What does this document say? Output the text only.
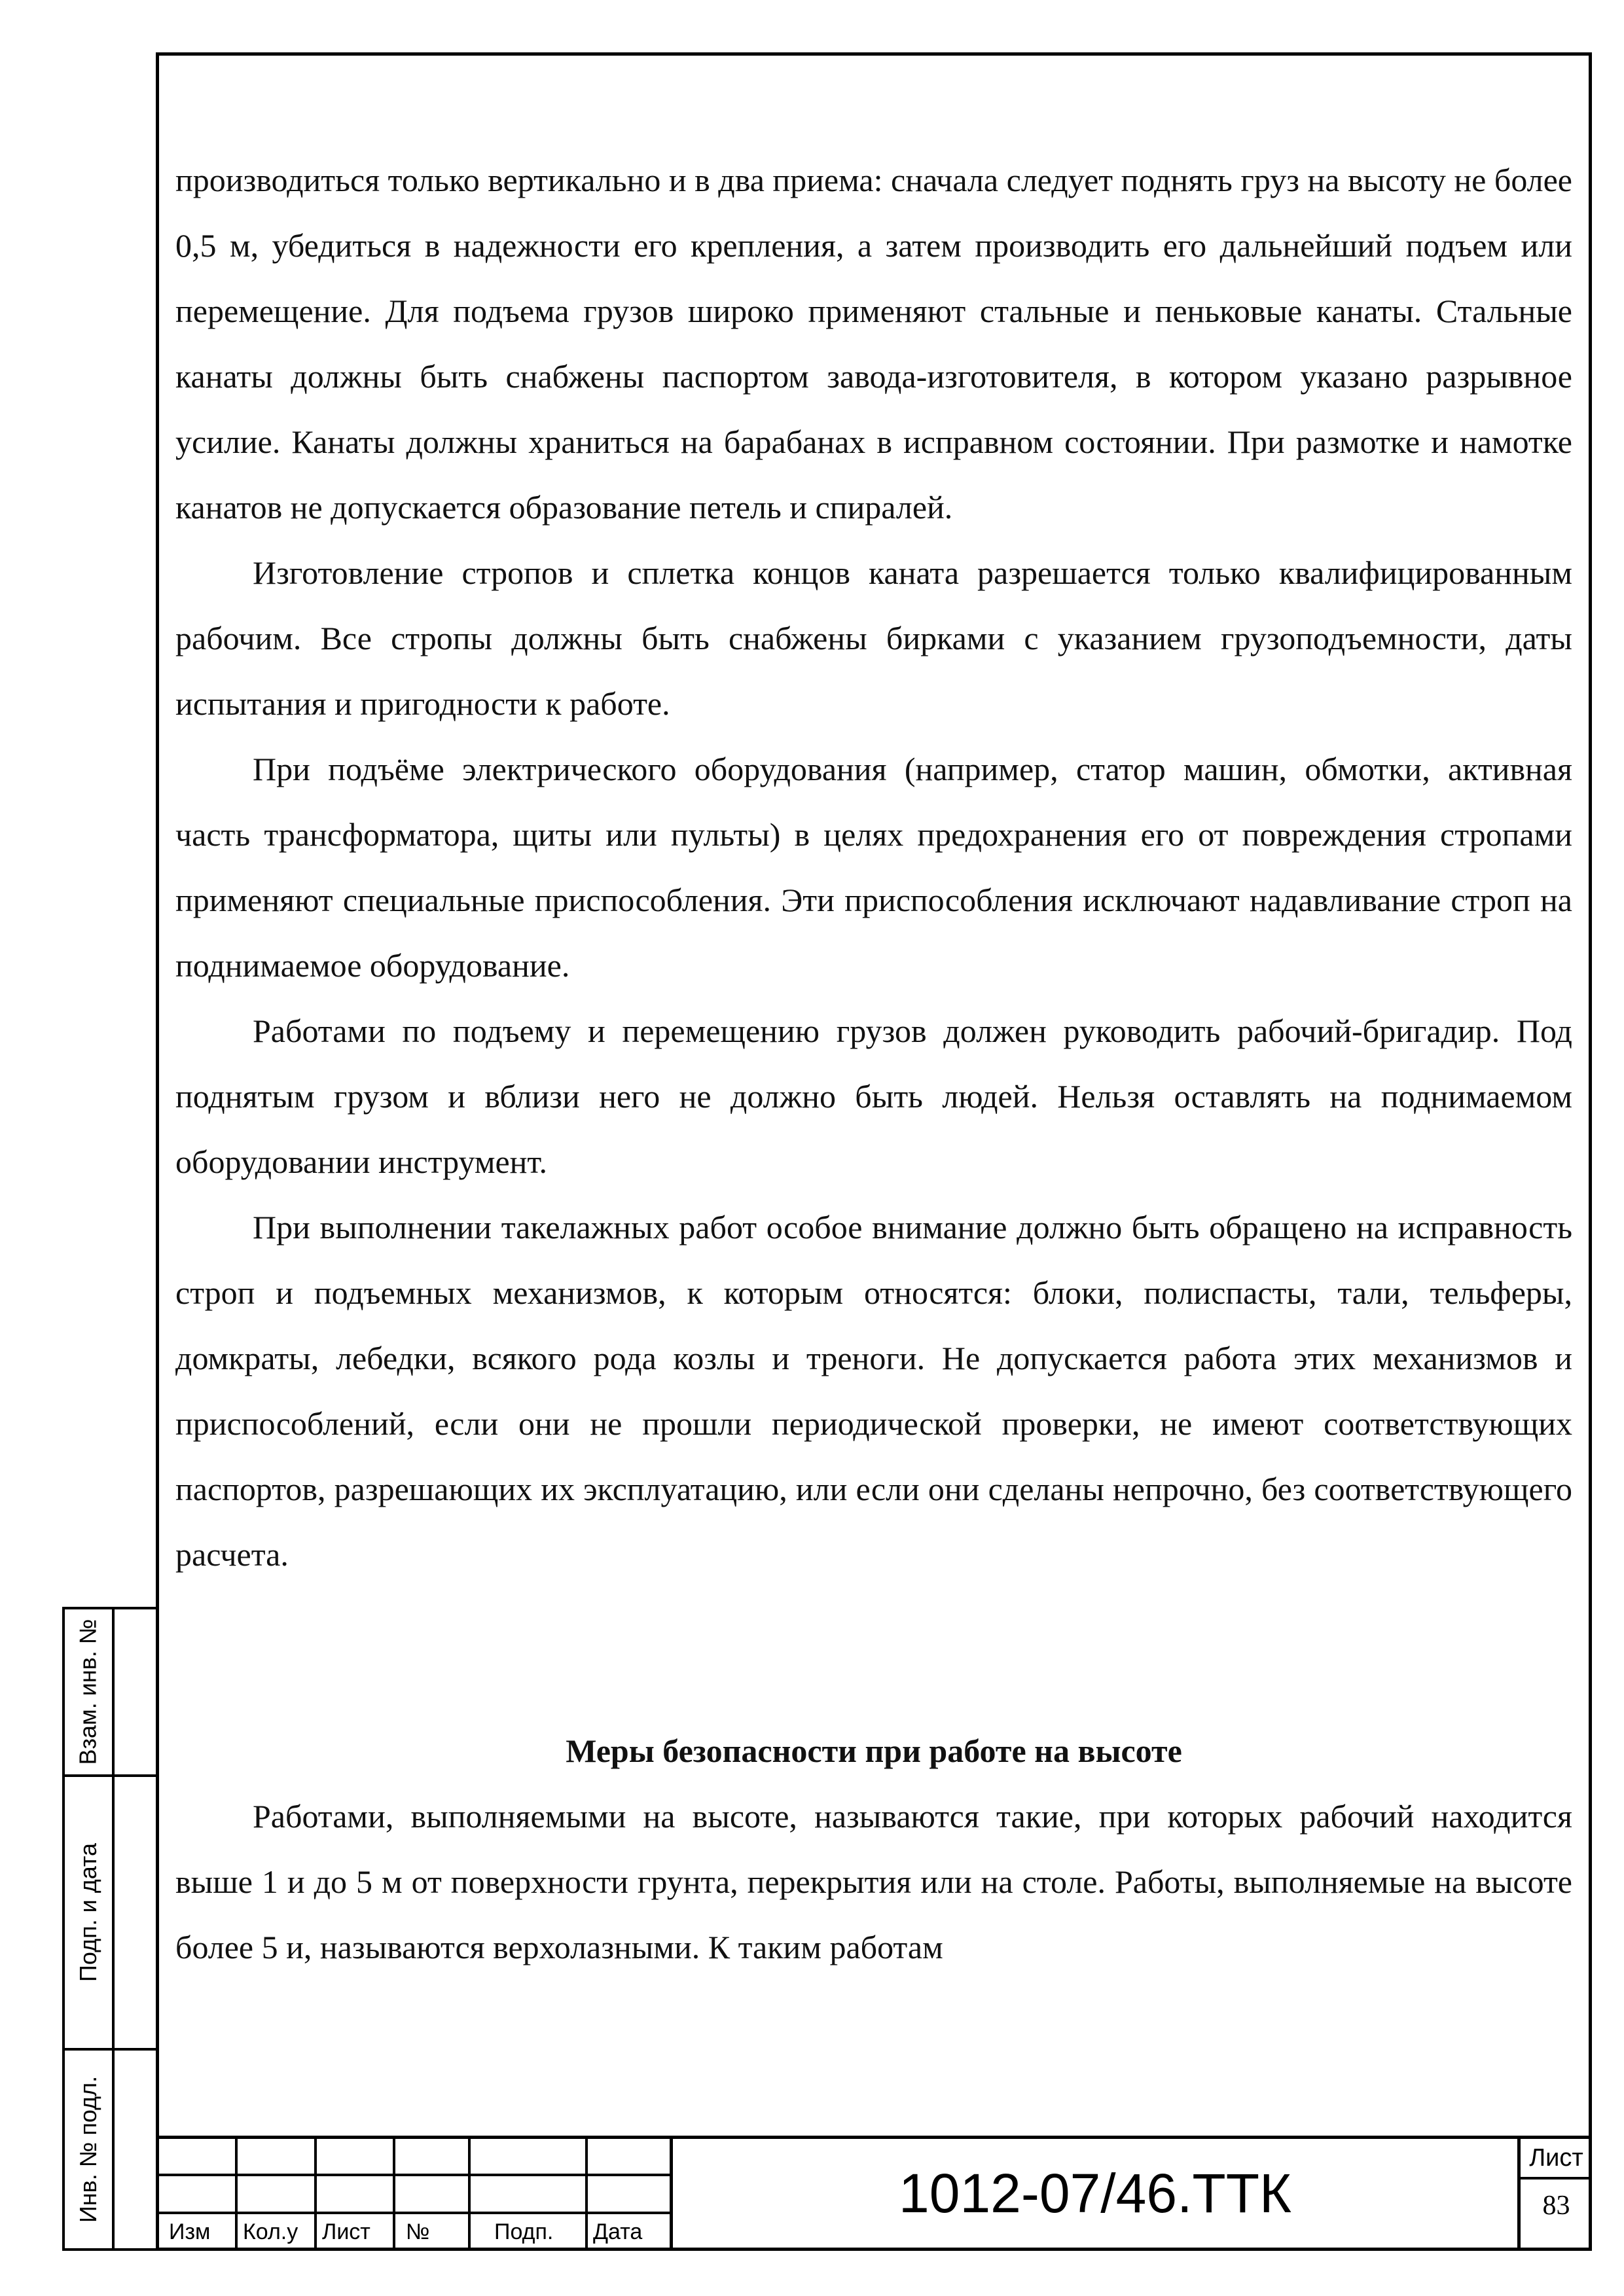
производиться только вертикально и в два приема: сначала следует поднять груз на высоту не более 0,5 м, убедиться в надежности его крепления, а затем производить его дальнейший подъем или перемещение. Для подъема грузов широко применяют стальные и пеньковые канаты. Стальные канаты должны быть снабжены паспортом завода-изготовителя, в котором указано разрывное усилие. Канаты должны храниться на барабанах в исправном состоянии. При размотке и намотке канатов не допускается образование петель и спиралей.

Изготовление стропов и сплетка концов каната разрешается только квалифицированным рабочим. Все стропы должны быть снабжены бирками с указанием грузоподъемности, даты испытания и пригодности к работе.

При подъёме электрического оборудования (например, статор машин, обмотки, активная часть трансформатора, щиты или пульты) в целях предохранения его от повреждения стропами применяют специальные приспособления. Эти приспособления исключают надавливание строп на поднимаемое оборудование.

Работами по подъему и перемещению грузов должен руководить рабочий-бригадир. Под поднятым грузом и вблизи него не должно быть людей. Нельзя оставлять на поднимаемом оборудовании инструмент.

При выполнении такелажных работ особое внимание должно быть обращено на исправность строп и подъемных механизмов, к которым относятся: блоки, полиспасты, тали, тельферы, домкраты, лебедки, всякого рода козлы и треноги. Не допускается работа этих механизмов и приспособлений, если они не прошли периодической проверки, не имеют соответствующих паспортов, разрешающих их эксплуатацию, или если они сделаны непрочно, без соответствующего расчета.

Меры безопасности при работе на высоте

Работами, выполняемыми на высоте, называются такие, при которых рабочий находится выше 1 и до 5 м от поверхности грунта, перекрытия или на столе. Работы, выполняемые на высоте более 5 и, называются верхолазными. К таким работам

Взам. инв. №
Подп. и дата
Инв. № подл.
Изм	Кол.у	Лист	№	Подп.	Дата
1012-07/46.ТТК
Лист
83
